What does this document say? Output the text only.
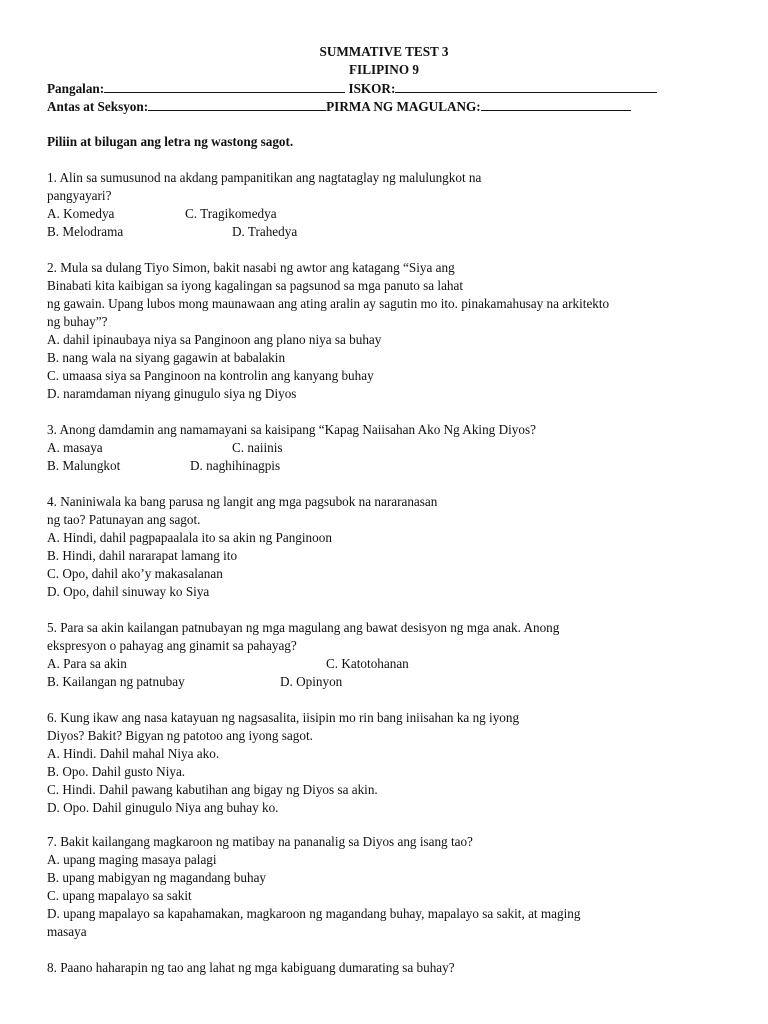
SUMMATIVE TEST 3
FILIPINO 9
Pangalan:	ISKOR:
Antas at Seksyon:	PIRMA NG MAGULANG:
Piliin at bilugan ang letra ng wastong sagot.
1. Alin sa sumusunod na akdang pampanitikan ang nagtataglay ng malulungkot na
pangyayari?
A. Komedya	C. Tragikomedya
B. Melodrama	D. Trahedya
2. Mula sa dulang Tiyo Simon, bakit nasabi ng awtor ang katagang “Siya ang
Binabati kita kaibigan sa iyong kagalingan sa pagsunod sa mga panuto sa lahat
ng gawain. Upang lubos mong maunawaan ang ating aralin ay sagutin mo ito. pinakamahusay na arkitekto
ng buhay”?
A. dahil ipinaubaya niya sa Panginoon ang plano niya sa buhay
B. nang wala na siyang gagawin at babalakin
C. umaasa siya sa Panginoon na kontrolin ang kanyang buhay
D. naramdaman niyang ginugulo siya ng Diyos
3. Anong damdamin ang namamayani sa kaisipang “Kapag Naiisahan Ako Ng Aking Diyos?
A. masaya	C. naiinis
B. Malungkot	D. naghihinagpis
4. Naniniwala ka bang parusa ng langit ang mga pagsubok na nararanasan
ng tao? Patunayan ang sagot.
A. Hindi, dahil pagpapaalala ito sa akin ng Panginoon
B. Hindi, dahil nararapat lamang ito
C. Opo, dahil ako’y makasalanan
D. Opo, dahil sinuway ko Siya
5. Para sa akin kailangan patnubayan ng mga magulang ang bawat desisyon ng mga anak. Anong
ekspresyon o pahayag ang ginamit sa pahayag?
A. Para sa akin	C. Katotohanan
B. Kailangan ng patnubay	D. Opinyon
6. Kung ikaw ang nasa katayuan ng nagsasalita, iisipin mo rin bang iniisahan ka ng iyong
Diyos? Bakit? Bigyan ng patotoo ang iyong sagot.
A. Hindi. Dahil mahal Niya ako.
B. Opo. Dahil gusto Niya.
C. Hindi. Dahil pawang kabutihan ang bigay ng Diyos sa akin.
D. Opo. Dahil ginugulo Niya ang buhay ko.
7. Bakit kailangang magkaroon ng matibay na pananalig sa Diyos ang isang tao?
A. upang maging masaya palagi
B. upang mabigyan ng magandang buhay
C. upang mapalayo sa sakit
D. upang mapalayo sa kapahamakan, magkaroon ng magandang buhay, mapalayo sa sakit, at maging
masaya
8. Paano haharapin ng tao ang lahat ng mga kabiguang dumarating sa buhay?
